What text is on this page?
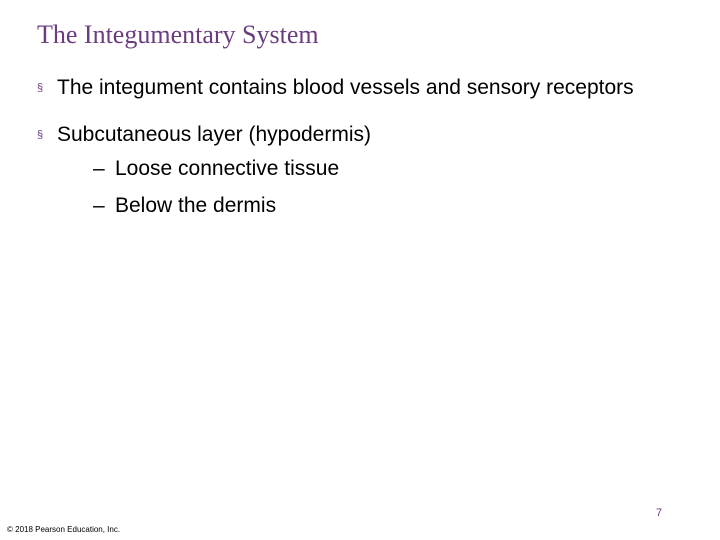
The Integumentary System
§ The integument contains blood vessels and sensory receptors
§ Subcutaneous layer (hypodermis)
– Loose connective tissue
– Below the dermis
7
© 2018 Pearson Education, Inc.
